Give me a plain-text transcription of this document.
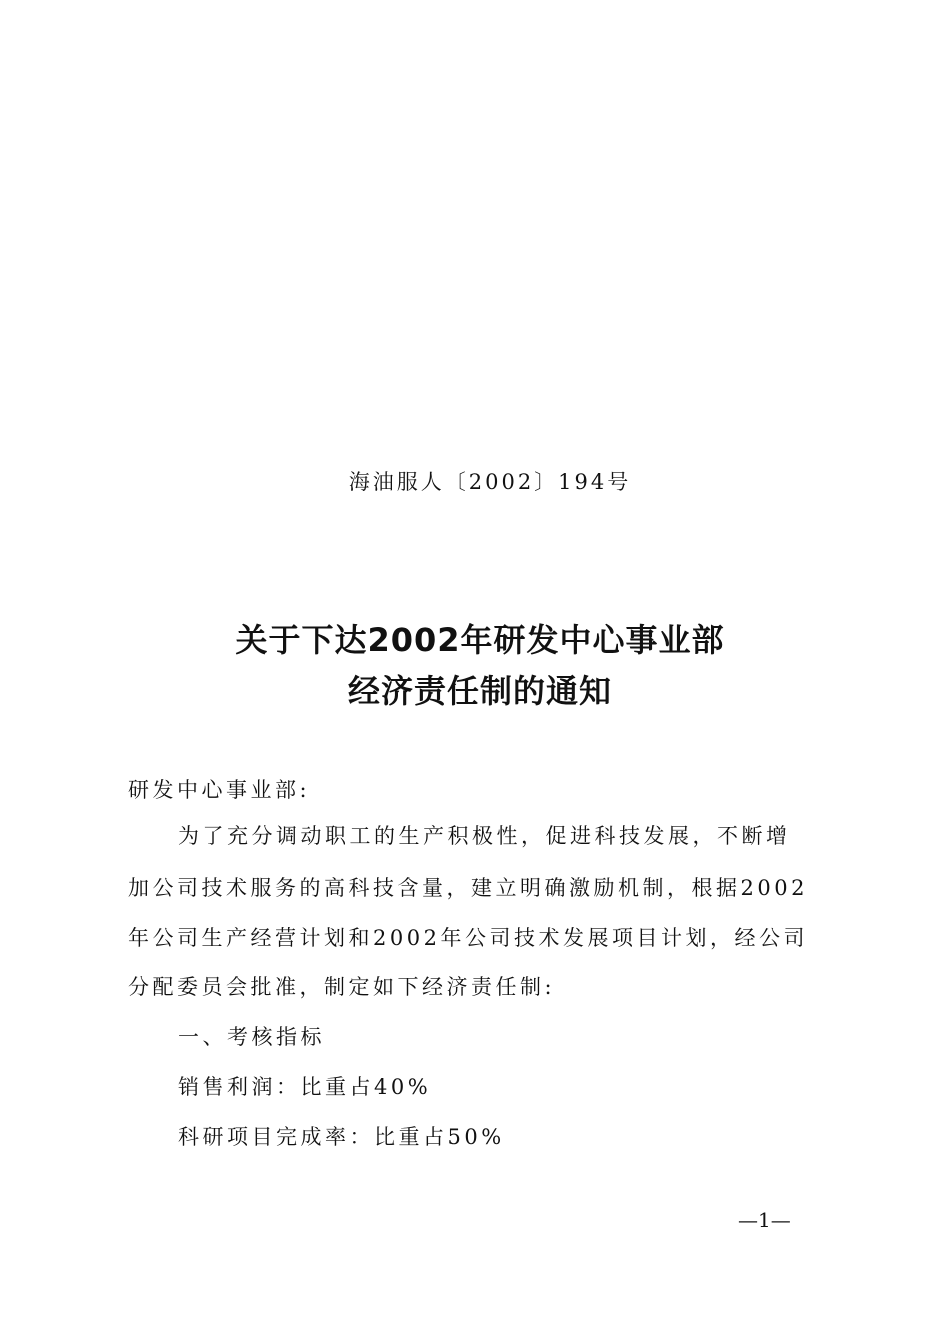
海油服人〔2002〕194号
关于下达2002年研发中心事业部
经济责任制的通知
研发中心事业部:
为了充分调动职工的生产积极性，促进科技发展，不断增
加公司技术服务的高科技含量，建立明确激励机制，根据2002
年公司生产经营计划和2002年公司技术发展项目计划，经公司
分配委员会批准，制定如下经济责任制:
一、考核指标
销售利润：比重占40%
科研项目完成率：比重占50%
—1—
